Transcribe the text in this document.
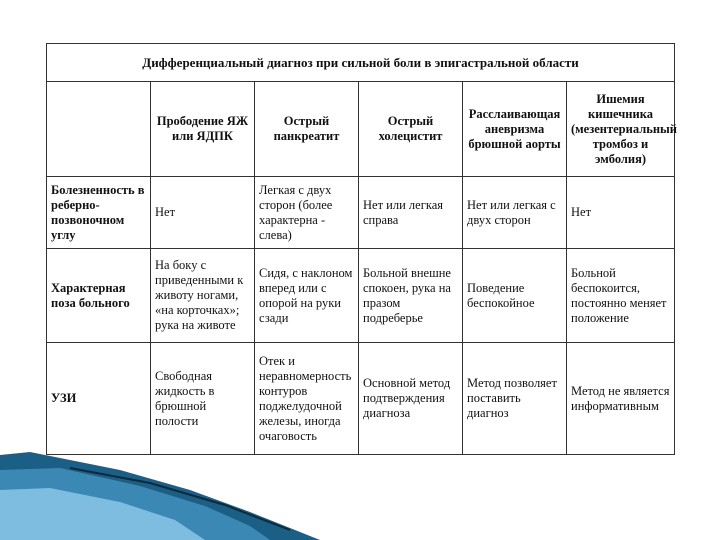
Дифференциальный диагноз при сильной боли в эпигастральной области					
	Прободение ЯЖ или ЯДПК	Острый панкреатит	Острый холецистит	Расслаивающая аневризма брюшной аорты	Ишемия кишечника (мезентериальный тромбоз и эмболия)
Болезненность в реберно-позвоночном углу	Нет	Легкая с двух сторон (более характерна - слева)	Нет или легкая справа	Нет или легкая с двух сторон	Нет
Характерная поза больного	На боку с приведенными к животу ногами, «на корточках»; рука на животе	Сидя, с наклоном вперед или с опорой на руки сзади	Больной внешне спокоен, рука на празом подреберье	Поведение беспокойное	Больной беспокоится, постоянно меняет положение
УЗИ	Свободная жидкость в брюшной полости	Отек и неравномерность контуров поджелудочной железы, иногда очаговость	Основной метод подтверждения диагноза	Метод позволяет поставить диагноз	Метод не является информативным
